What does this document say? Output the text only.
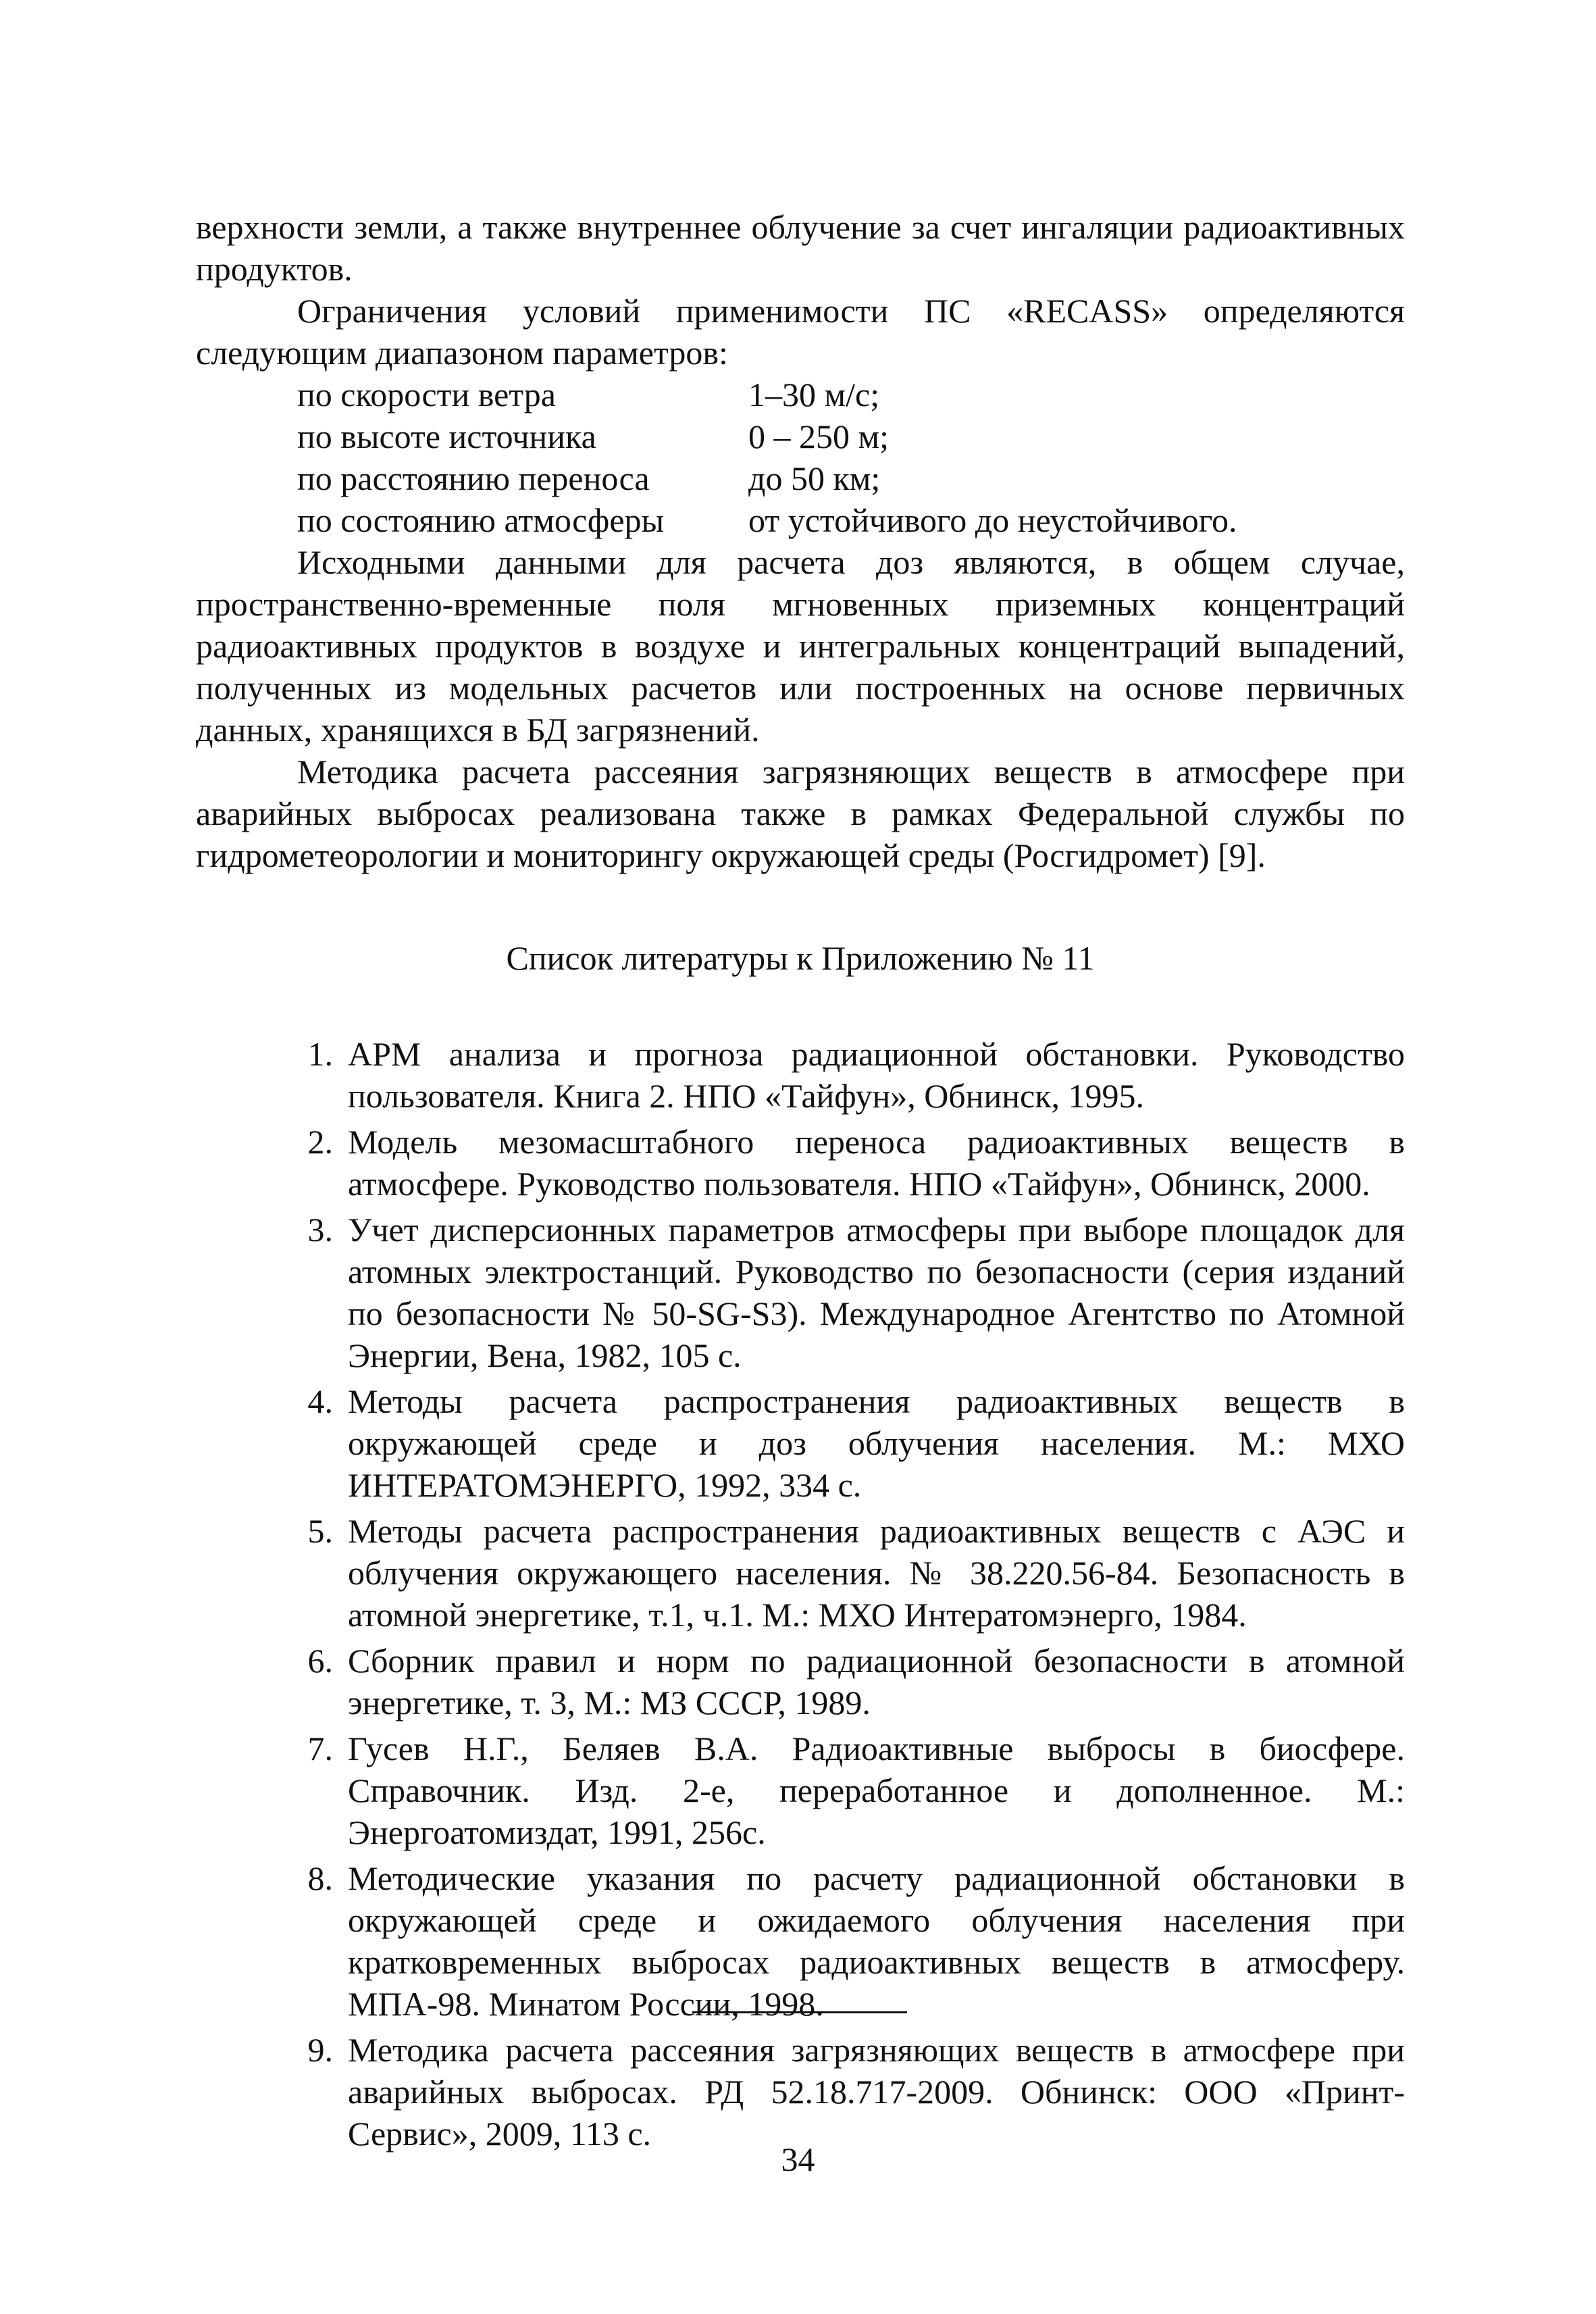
верхности земли, а также внутреннее облучение за счет ингаляции радиоактивных продуктов.

Ограничения условий применимости ПС «RECASS» определяются следующим диапазоном параметров:

по скорости ветра	1–30 м/с;
по высоте источника	0 – 250 м;
по расстоянию переноса	до 50 км;
по состоянию атмосферы	от устойчивого до неустойчивого.

Исходными данными для расчета доз являются, в общем случае, пространственно-временные поля мгновенных приземных концентраций радиоактивных продуктов в воздухе и интегральных концентраций выпадений, полученных из модельных расчетов или построенных на основе первичных данных, хранящихся в БД загрязнений.

Методика расчета рассеяния загрязняющих веществ в атмосфере при аварийных выбросах реализована также в рамках Федеральной службы по гидрометеорологии и мониторингу окружающей среды (Росгидромет) [9].

Список литературы к Приложению № 11

1. АРМ анализа и прогноза радиационной обстановки. Руководство пользователя. Книга 2. НПО «Тайфун», Обнинск, 1995.
2. Модель мезомасштабного переноса радиоактивных веществ в атмосфере. Руководство пользователя. НПО «Тайфун», Обнинск, 2000.
3. Учет дисперсионных параметров атмосферы при выборе площадок для атомных электростанций. Руководство по безопасности (серия изданий по безопасности № 50-SG-S3). Международное Агентство по Атомной Энергии, Вена, 1982, 105 с.
4. Методы расчета распространения радиоактивных веществ в окружающей среде и доз облучения населения. М.: МХО ИНТЕРАТОМЭНЕРГО, 1992, 334 с.
5. Методы расчета распространения радиоактивных веществ с АЭС и облучения окружающего населения. № 38.220.56-84. Безопасность в атомной энергетике, т.1, ч.1. М.: МХО Интератомэнерго, 1984.
6. Сборник правил и норм по радиационной безопасности в атомной энергетике, т. 3, М.: МЗ СССР, 1989.
7. Гусев Н.Г., Беляев В.А. Радиоактивные выбросы в биосфере. Справочник. Изд. 2-е, переработанное и дополненное. М.: Энергоатомиздат, 1991, 256с.
8. Методические указания по расчету радиационной обстановки в окружающей среде и ожидаемого облучения населения при кратковременных выбросах радиоактивных веществ в атмосферу. МПА-98. Минатом России, 1998.
9. Методика расчета рассеяния загрязняющих веществ в атмосфере при аварийных выбросах. РД 52.18.717-2009. Обнинск: ООО «Принт-Сервис», 2009, 113 с.
34
